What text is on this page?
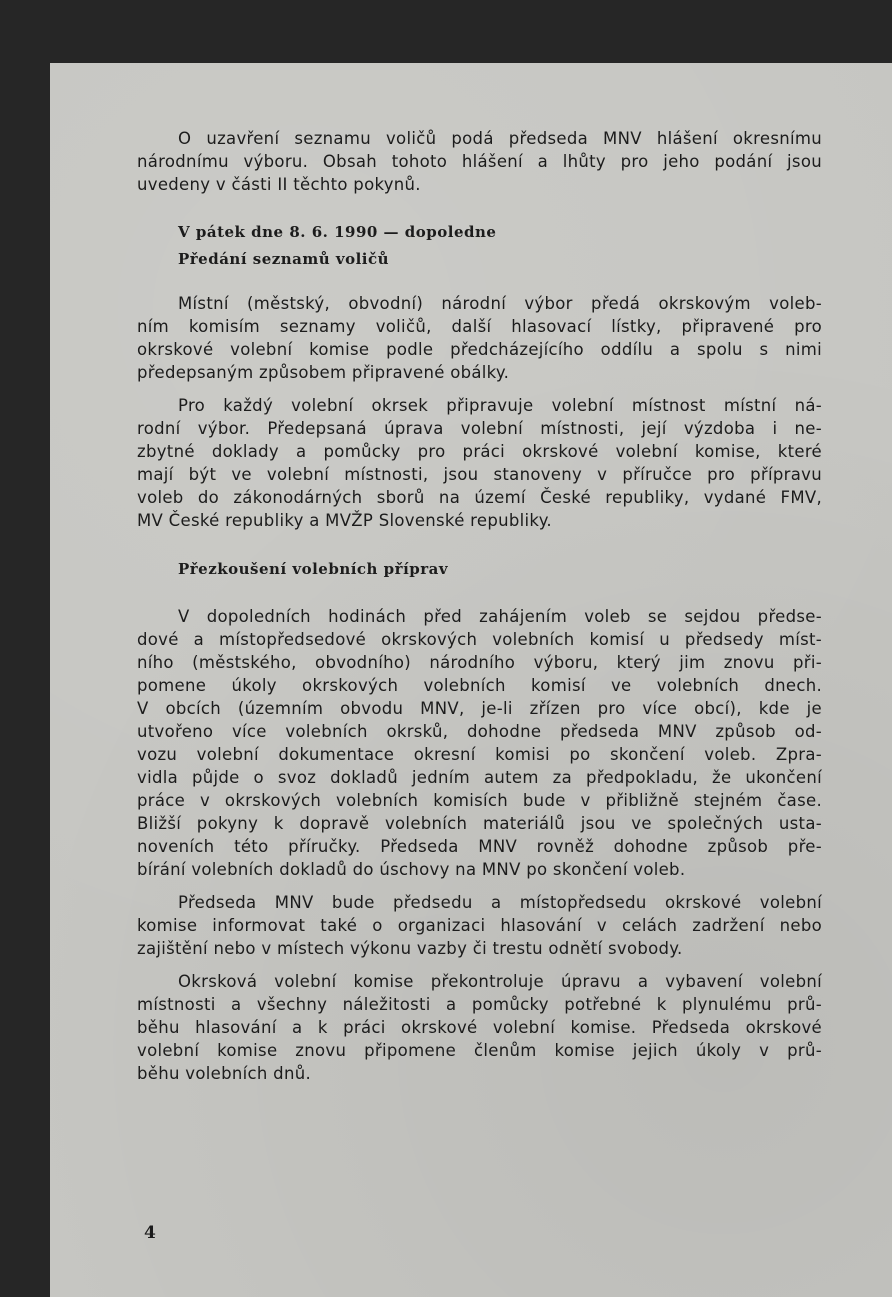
O uzavření seznamu voličů podá předseda MNV hlášení okresnímu
národnímu výboru. Obsah tohoto hlášení a lhůty pro jeho podání jsou
uvedeny v části II těchto pokynů.

V pátek dne 8. 6. 1990 — dopoledne
Předání seznamů voličů

Místní (městský, obvodní) národní výbor předá okrskovým voleb-
ním komisím seznamy voličů, další hlasovací lístky, připravené pro
okrskové volební komise podle předcházejícího oddílu a spolu s nimi
předepsaným způsobem připravené obálky.

Pro každý volební okrsek připravuje volební místnost místní ná-
rodní výbor. Předepsaná úprava volební místnosti, její výzdoba i ne-
zbytné doklady a pomůcky pro práci okrskové volební komise, které
mají být ve volební místnosti, jsou stanoveny v příručce pro přípravu
voleb do zákonodárných sborů na území České republiky, vydané FMV,
MV České republiky a MVŽP Slovenské republiky.

Přezkoušení volebních příprav

V dopoledních hodinách před zahájením voleb se sejdou předse-
dové a místopředsedové okrskových volebních komisí u předsedy míst-
ního (městského, obvodního) národního výboru, který jim znovu při-
pomene úkoly okrskových volebních komisí ve volebních dnech.
V obcích (územním obvodu MNV, je-li zřízen pro více obcí), kde je
utvořeno více volebních okrsků, dohodne předseda MNV způsob od-
vozu volební dokumentace okresní komisi po skončení voleb. Zpra-
vidla půjde o svoz dokladů jedním autem za předpokladu, že ukončení
práce v okrskových volebních komisích bude v přibližně stejném čase.
Bližší pokyny k dopravě volebních materiálů jsou ve společných usta-
noveních této příručky. Předseda MNV rovněž dohodne způsob pře-
bírání volebních dokladů do úschovy na MNV po skončení voleb.

Předseda MNV bude předsedu a místopředsedu okrskové volební
komise informovat také o organizaci hlasování v celách zadržení nebo
zajištění nebo v místech výkonu vazby či trestu odnětí svobody.

Okrsková volební komise překontroluje úpravu a vybavení volební
místnosti a všechny náležitosti a pomůcky potřebné k plynulému prů-
běhu hlasování a k práci okrskové volební komise. Předseda okrskové
volební komise znovu připomene členům komise jejich úkoly v prů-
běhu volebních dnů.

4
